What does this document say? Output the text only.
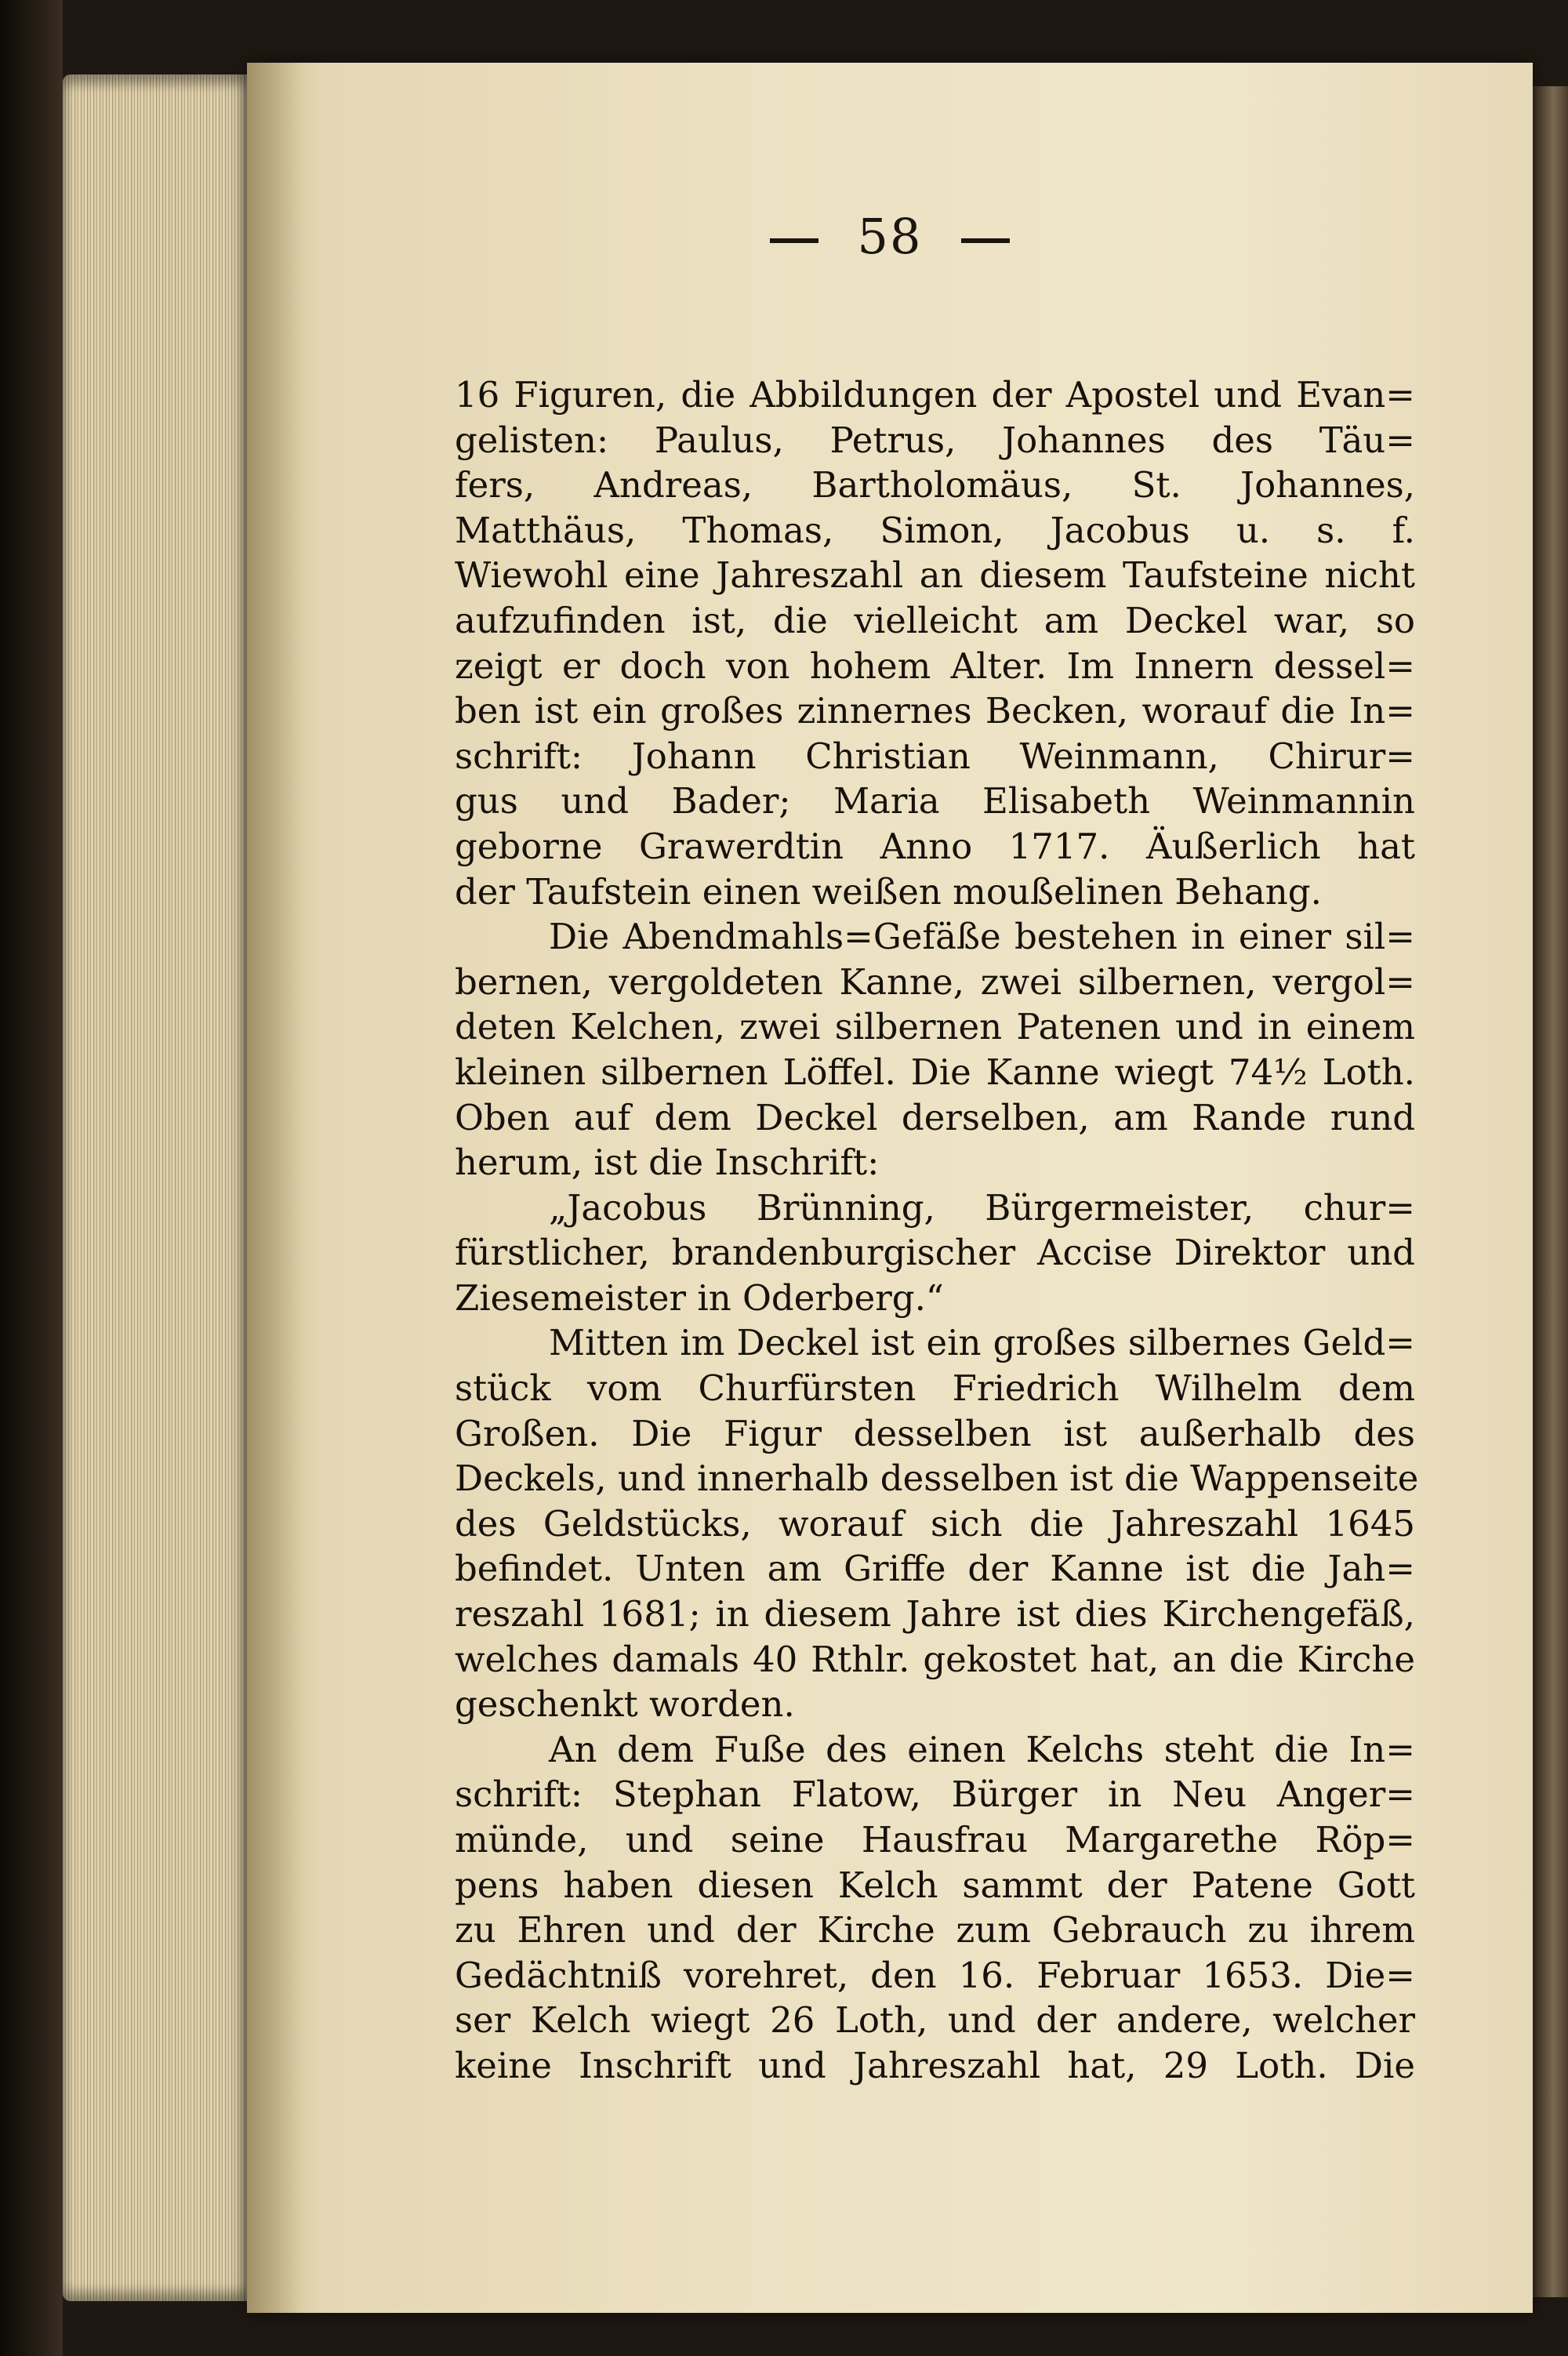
58
16 Figuren, die Abbildungen der Apostel und Evan=
gelisten: Paulus, Petrus, Johannes des Täu=
fers, Andreas, Bartholomäus, St. Johannes,
Matthäus, Thomas, Simon, Jacobus u. s. f.
Wiewohl eine Jahreszahl an diesem Taufsteine nicht
aufzufinden ist, die vielleicht am Deckel war, so
zeigt er doch von hohem Alter. Im Innern dessel=
ben ist ein großes zinnernes Becken, worauf die In=
schrift: Johann Christian Weinmann, Chirur=
gus und Bader; Maria Elisabeth Weinmannin
geborne Grawerdtin Anno 1717. Äußerlich hat
der Taufstein einen weißen moußelinen Behang.
Die Abendmahls=Gefäße bestehen in einer sil=
bernen, vergoldeten Kanne, zwei silbernen, vergol=
deten Kelchen, zwei silbernen Patenen und in einem
kleinen silbernen Löffel. Die Kanne wiegt 74½ Loth.
Oben auf dem Deckel derselben, am Rande rund
herum, ist die Inschrift:
„Jacobus Brünning, Bürgermeister, chur=
fürstlicher, brandenburgischer Accise Direktor und
Ziesemeister in Oderberg.“
Mitten im Deckel ist ein großes silbernes Geld=
stück vom Churfürsten Friedrich Wilhelm dem
Großen. Die Figur desselben ist außerhalb des
Deckels, und innerhalb desselben ist die Wappenseite
des Geldstücks, worauf sich die Jahreszahl 1645
befindet. Unten am Griffe der Kanne ist die Jah=
reszahl 1681; in diesem Jahre ist dies Kirchengefäß,
welches damals 40 Rthlr. gekostet hat, an die Kirche
geschenkt worden.
An dem Fuße des einen Kelchs steht die In=
schrift: Stephan Flatow, Bürger in Neu Anger=
münde, und seine Hausfrau Margarethe Röp=
pens haben diesen Kelch sammt der Patene Gott
zu Ehren und der Kirche zum Gebrauch zu ihrem
Gedächtniß vorehret, den 16. Februar 1653. Die=
ser Kelch wiegt 26 Loth, und der andere, welcher
keine Inschrift und Jahreszahl hat, 29 Loth. Die
